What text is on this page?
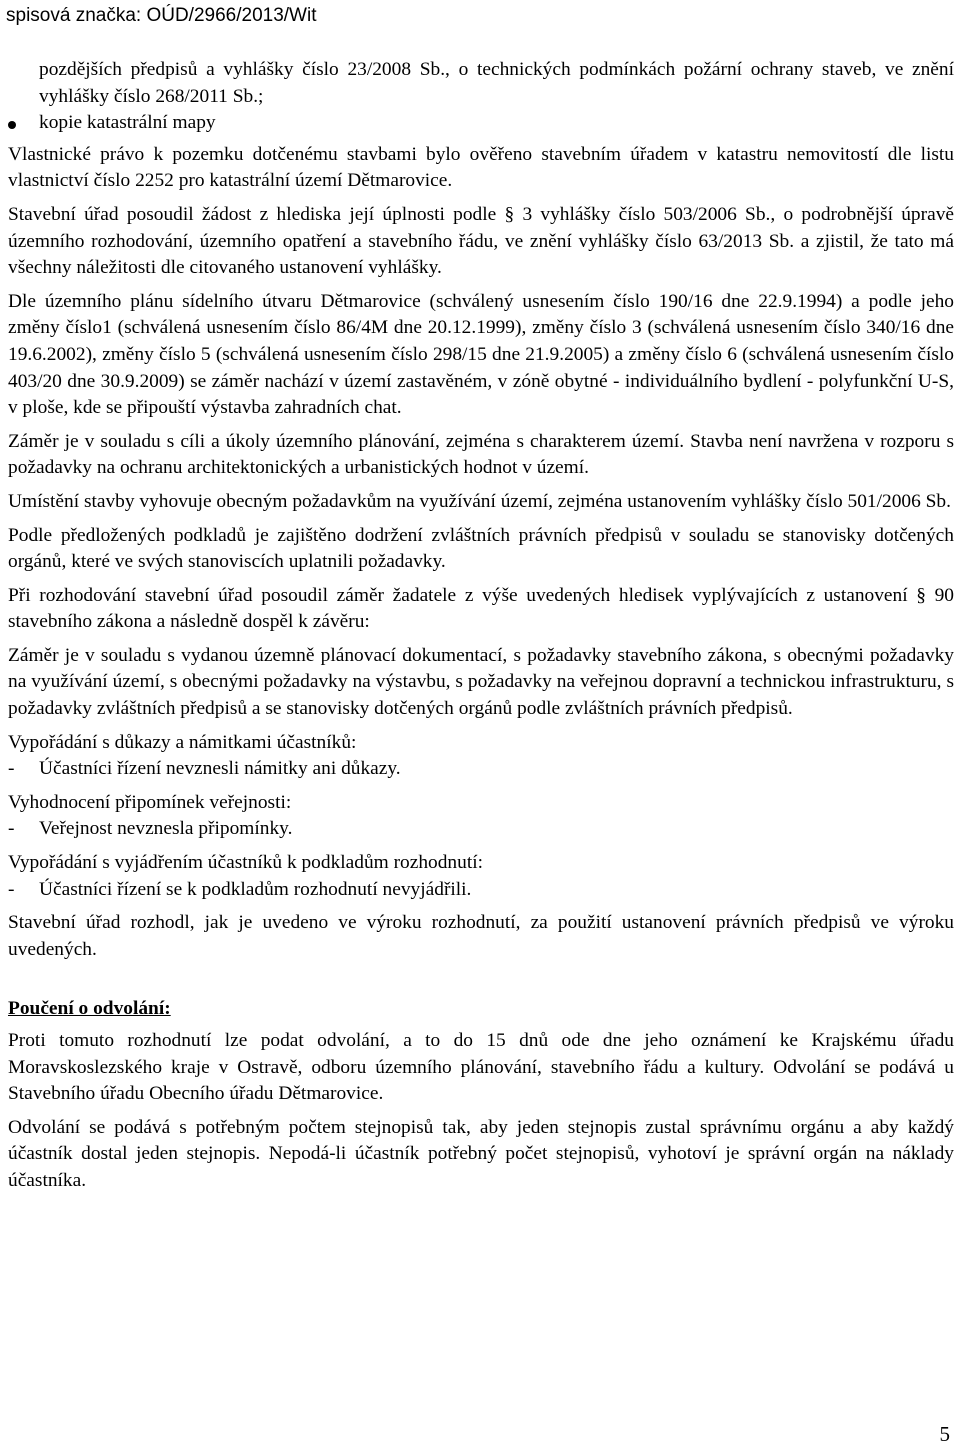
spisová značka: OÚD/2966/2013/Wit

pozdějších předpisů a vyhlášky číslo 23/2008 Sb., o technických podmínkách požární ochrany staveb, ve znění vyhlášky číslo 268/2011 Sb.;

kopie katastrální mapy

Vlastnické právo k pozemku dotčenému stavbami bylo ověřeno stavebním úřadem v katastru nemovitostí dle listu vlastnictví číslo 2252 pro katastrální území Dětmarovice.

Stavební úřad posoudil žádost z hlediska její úplnosti podle § 3 vyhlášky číslo 503/2006 Sb., o podrobnější úpravě územního rozhodování, územního opatření a stavebního řádu, ve znění vyhlášky číslo 63/2013 Sb. a zjistil, že tato má všechny náležitosti dle citovaného ustanovení vyhlášky.

Dle územního plánu sídelního útvaru Dětmarovice (schválený usnesením číslo 190/16 dne 22.9.1994) a podle jeho změny číslo1 (schválená usnesením číslo 86/4M dne 20.12.1999), změny číslo 3 (schválená usnesením číslo 340/16 dne 19.6.2002), změny číslo 5 (schválená usnesením číslo 298/15 dne 21.9.2005) a změny číslo 6 (schválená usnesením číslo 403/20 dne 30.9.2009) se záměr nachází v území zastavěném, v zóně obytné - individuálního bydlení - polyfunkční U-S, v ploše, kde se připouští výstavba zahradních chat.

Záměr je v souladu s cíli a úkoly územního plánování, zejména s charakterem území. Stavba není navržena v rozporu s požadavky na ochranu architektonických a urbanistických hodnot v území.

Umístění stavby vyhovuje obecným požadavkům na využívání území, zejména ustanovením vyhlášky číslo 501/2006 Sb.

Podle předložených podkladů je zajištěno dodržení zvláštních právních předpisů v souladu se stanovisky dotčených orgánů, které ve svých stanoviscích uplatnili požadavky.

Při rozhodování stavební úřad posoudil záměr žadatele z výše uvedených hledisek vyplývajících z ustanovení § 90 stavebního zákona a následně dospěl k závěru:

Záměr je v souladu s vydanou územně plánovací dokumentací, s požadavky stavebního zákona, s obecnými požadavky na využívání území, s obecnými požadavky na výstavbu, s požadavky na veřejnou dopravní a technickou infrastrukturu, s požadavky zvláštních předpisů a se stanovisky dotčených orgánů podle zvláštních právních předpisů.

Vypořádání s důkazy a námitkami účastníků:

-	Účastníci řízení nevznesli námitky ani důkazy.

Vyhodnocení připomínek veřejnosti:

-	Veřejnost nevznesla připomínky.

Vypořádání s vyjádřením účastníků k podkladům rozhodnutí:

-	Účastníci řízení se k podkladům rozhodnutí nevyjádřili.

Stavební úřad rozhodl, jak je uvedeno ve výroku rozhodnutí, za použití ustanovení právních předpisů ve výroku uvedených.

Poučení o odvolání:

Proti tomuto rozhodnutí lze podat odvolání, a to do 15 dnů ode dne jeho oznámení ke Krajskému úřadu Moravskoslezského kraje v Ostravě, odboru územního plánování, stavebního řádu a kultury. Odvolání se podává u Stavebního úřadu Obecního úřadu Dětmarovice.

Odvolání se podává s potřebným počtem stejnopisů tak, aby jeden stejnopis zustal správnímu orgánu a aby každý účastník dostal jeden stejnopis. Nepodá-li účastník potřebný počet stejnopisů, vyhotoví je správní orgán na náklady účastníka.

5
